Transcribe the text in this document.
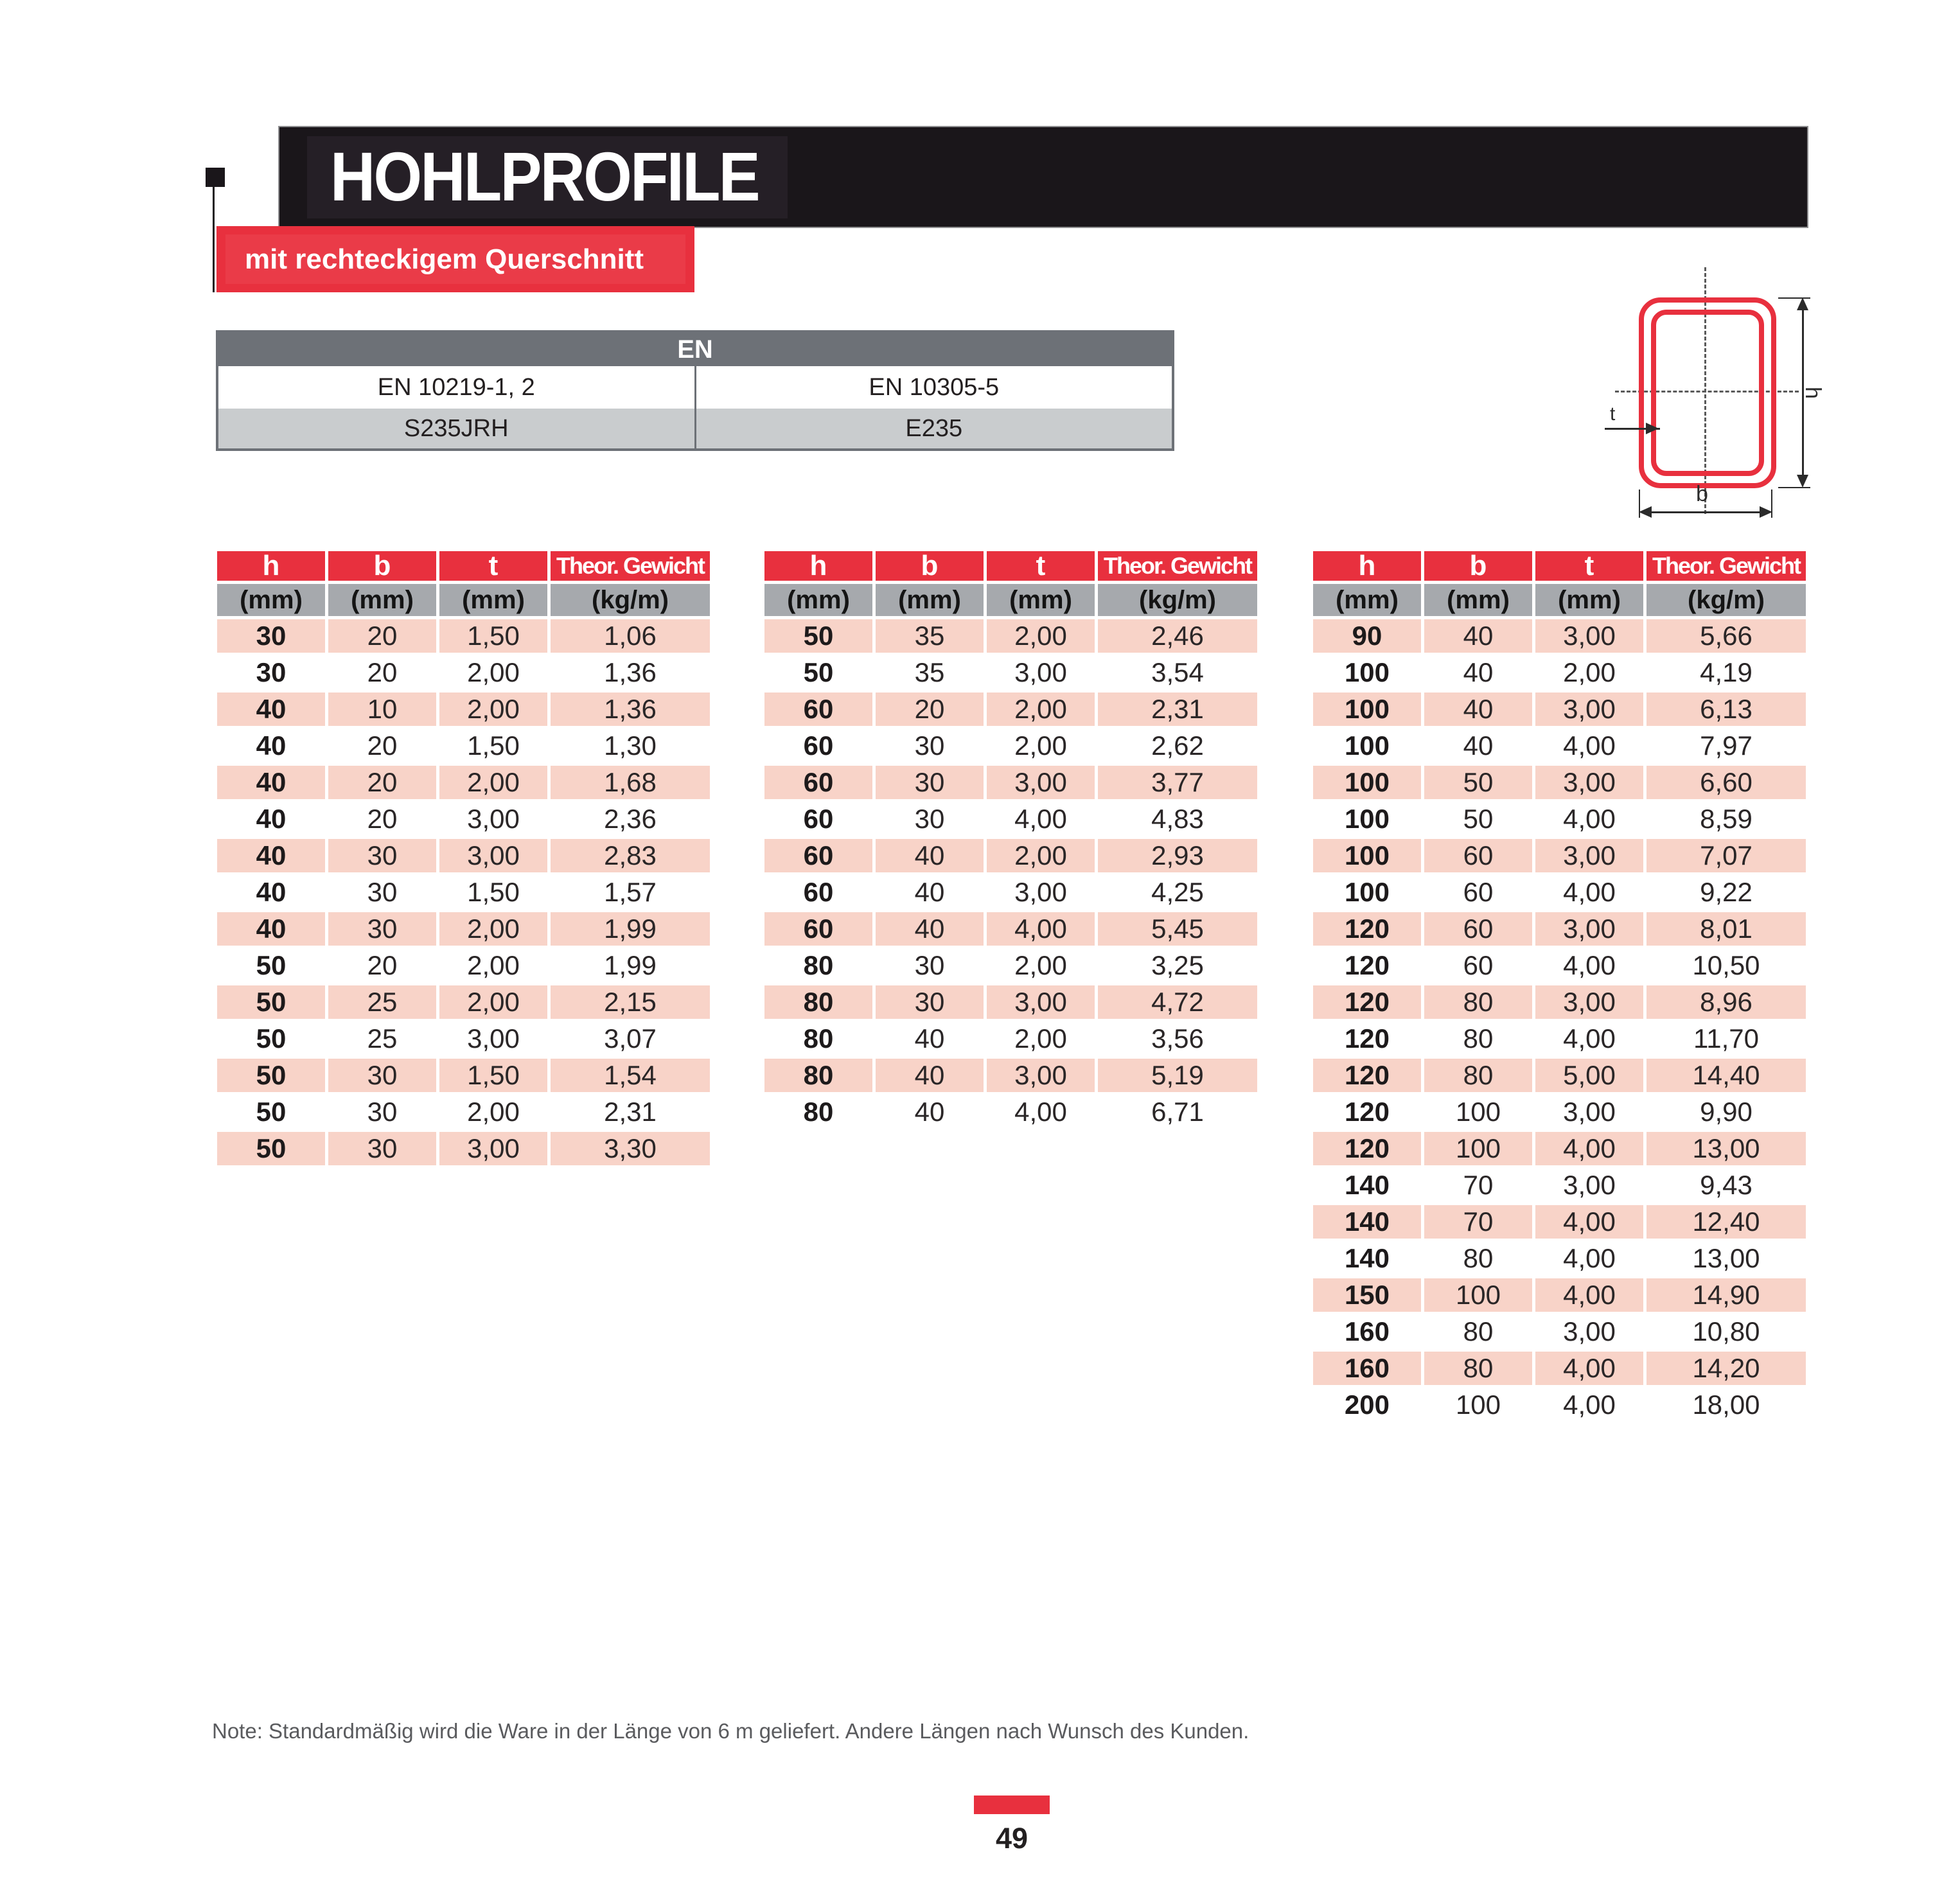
HOHLPROFILE
mit rechteckigem Querschnitt
EN
EN 10219-1, 2	EN 10305-5
S235JRH	E235
h
b
t
h	b	t	Theor. Gewicht
(mm)	(mm)	(mm)	(kg/m)
30	20	1,50	1,06
30	20	2,00	1,36
40	10	2,00	1,36
40	20	1,50	1,30
40	20	2,00	1,68
40	20	3,00	2,36
40	30	3,00	2,83
40	30	1,50	1,57
40	30	2,00	1,99
50	20	2,00	1,99
50	25	2,00	2,15
50	25	3,00	3,07
50	30	1,50	1,54
50	30	2,00	2,31
50	30	3,00	3,30
h	b	t	Theor. Gewicht
(mm)	(mm)	(mm)	(kg/m)
50	35	2,00	2,46
50	35	3,00	3,54
60	20	2,00	2,31
60	30	2,00	2,62
60	30	3,00	3,77
60	30	4,00	4,83
60	40	2,00	2,93
60	40	3,00	4,25
60	40	4,00	5,45
80	30	2,00	3,25
80	30	3,00	4,72
80	40	2,00	3,56
80	40	3,00	5,19
80	40	4,00	6,71
h	b	t	Theor. Gewicht
(mm)	(mm)	(mm)	(kg/m)
90	40	3,00	5,66
100	40	2,00	4,19
100	40	3,00	6,13
100	40	4,00	7,97
100	50	3,00	6,60
100	50	4,00	8,59
100	60	3,00	7,07
100	60	4,00	9,22
120	60	3,00	8,01
120	60	4,00	10,50
120	80	3,00	8,96
120	80	4,00	11,70
120	80	5,00	14,40
120	100	3,00	9,90
120	100	4,00	13,00
140	70	3,00	9,43
140	70	4,00	12,40
140	80	4,00	13,00
150	100	4,00	14,90
160	80	3,00	10,80
160	80	4,00	14,20
200	100	4,00	18,00
Note: Standardmäßig wird die Ware in der Länge von 6 m geliefert. Andere Längen nach Wunsch des Kunden.
49
